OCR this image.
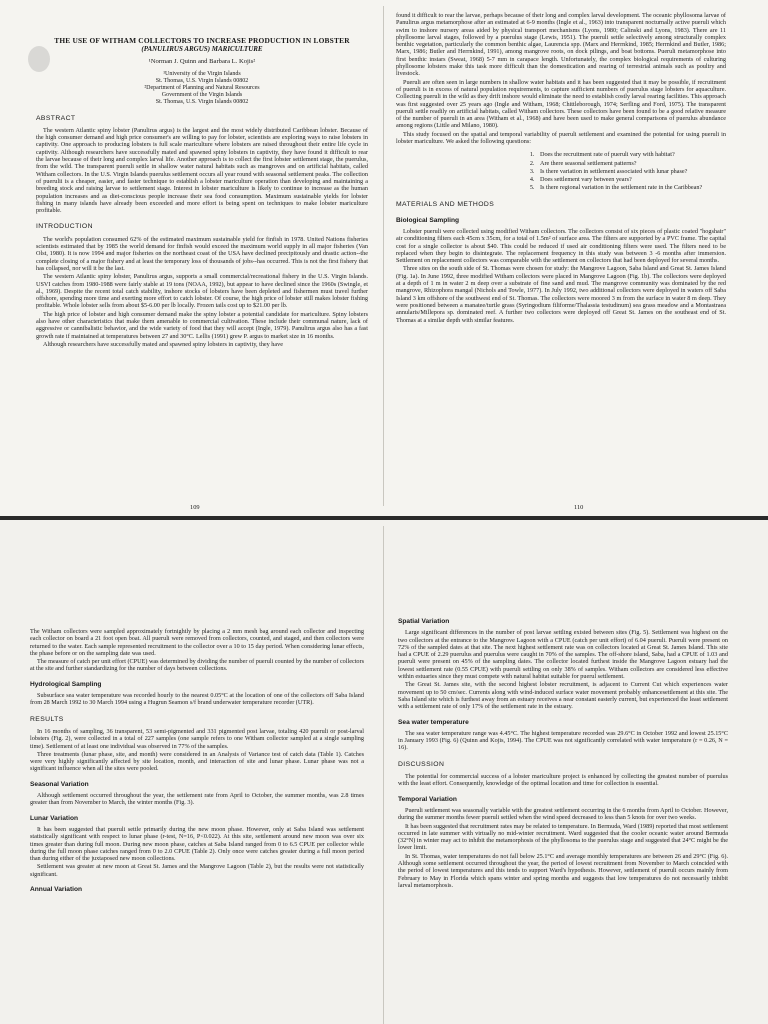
THE USE OF WITHAM COLLECTORS TO INCREASE PRODUCTION IN LOBSTER
(PANULIRUS ARGUS) MARICULTURE
¹Norman J. Quinn and Barbara L. Kojis²
¹University of the Virgin Islands
St. Thomas, U.S. Virgin Islands 00802
²Department of Planning and Natural Resources
Government of the Virgin Islands
St. Thomas, U.S. Virgin Islands 00802
ABSTRACT

The western Atlantic spiny lobster (Panulirus argus) is the largest and the most widely distributed Caribbean lobster. Because of the high consumer demand and high price consumer's are willing to pay for lobster, scientists are exploring ways to raise lobsters in captivity. One approach to producing lobsters is full scale mariculture where lobsters are raised throughout their entire life cycle in captivity. Although researchers have successfully mated and spawned spiny lobsters in captivity, they have found it difficult to rear the larvae because of their long and complex larval life. Another approach is to collect the first lobster settlement stage, the puerulus, from the wild. The transparent pueruli settle in shallow water natural habitats such as mangroves and on artificial habitats, called Witham collectors. In the U.S. Virgin Islands puerulus settlement occurs all year round with seasonal settlement peaks. The collection of puerulii is a cheaper, easier, and faster technique to establish a lobster mariculture operation than developing and maintaining a breeding stock and raising larvae to settlement stage. Interest in lobster mariculture is likely to continue to increase as the human population increases and as diet-conscious people increase their sea food consumption. Maximum sustainable yields for lobster fishing in many islands have already been exceeded and more effort is being spent on techniques to make lobster mariculture profitable.

INTRODUCTION

The world's population consumed 62% of the estimated maximum sustainable yield for finfish in 1978. United Nations fisheries scientists estimated that by 1985 the world demand for finfish would exceed the maximum world supply in all major fisheries (Van Olst, 1980). It is now 1994 and major fisheries on the northeast coast of the USA have declined precipitously and drastic action--the complete closing of a major fishery and at least the temporary loss of thousands of jobs--has occurred. This is not the first fishery that has collapsed, nor will it be the last.

The western Atlantic spiny lobster, Panulirus argus, supports a small commercial/recreational fishery in the U.S. Virgin Islands. USVI catches from 1980-1988 were fairly stable at 19 tons (NOAA, 1992), but appear to have declined since the 1960s (Swingle, et al., 1969). Despite the recent total catch stability, inshore stocks of lobsters have been depleted and fishermen must travel further offshore, spending more time and exerting more effort to catch lobster. Of course, the high price of lobster still makes lobster fishing profitable. Whole lobster sells from about $5-6.00 per lb locally. Frozen tails cost up to $21.00 per lb.

The high price of lobster and high consumer demand make the spiny lobster a potential candidate for mariculture. Spiny lobsters also have other characteristics that make them amenable to commercial cultivation. These include their communal nature, lack of aggressive or cannibalistic behavior, and the wide variety of food that they will accept (Ingle, 1979). Panulirus argus also has a fast growth rate if maintained at temperatures between 27 and 30°C. Lellis (1991) grew P. argus to market size in 16 months.

Although researchers have successfully mated and spawned spiny lobsters in captivity, they have

109

found it difficult to rear the larvae, perhaps because of their long and complex larval development. The oceanic phyllosoma larvae of Panulirus argus metamorphose after an estimated at 6-9 months (Ingle et al., 1963) into transparent nocturnally active pueruli which swim to inshore nursery areas aided by physical transport mechanisms (Lyons, 1980; Calinski and Lyons, 1983). There are 11 phyllosome larval stages, followed by a puerulus stage (Lewis, 1951). The pueruli settle selectively among structurally complex benthic vegetation, particularly the common benthic algae, Laurencia spp. (Marx and Herrnkind, 1985; Herrnkind and Butler, 1986; Marx, 1986; Butler and Herrnkind, 1991), among mangrove roots, on dock pilings, and boat bottoms. Pueruli metamorphose into first benthic instars (Sweat, 1968) 5-7 mm in carapace length. Unfortunately, the complex biological requirements of culturing phyllosome lobsters make this task more difficult than the domestication and rearing of terrestrial animals such as poultry and livestock.

Pueruli are often seen in large numbers in shallow water habitats and it has been suggested that it may be possible, if recruitment of pueruli is in excess of natural population requirements, to capture sufficient numbers of puerulus stage lobsters for aquaculture. Collecting pueruli in the wild as they drift inshore would eliminate the need to establish costly larval rearing facilities. This approach was first suggested over 25 years ago (Ingle and Witham, 1968; Chittleborough, 1974; Serfling and Ford, 1975). The transparent pueruli settle readily on artificial habitats, called Witham collectors. These collectors have been found to be a good relative measure of the number of pueruli in an area (Witham et al., 1968) and have been used to make general comparisons of puerulus abundance among regions (Little and Milano, 1980).

This study focused on the spatial and temporal variability of pueruli settlement and examined the potential for using pueruli in lobster mariculture. We asked the following questions:

1. Does the recruitment rate of pueruli vary with habitat?
2. Are there seasonal settlement patterns?
3. Is there variation in settlement associated with lunar phase?
4. Does settlement vary between years?
5. Is there regional variation in the settlement rate in the Caribbean?
MATERIALS AND METHODS
Biological Sampling

Lobster pueruli were collected using modified Witham collectors. The collectors consist of six pieces of plastic coated "hogshair" air conditioning filters each 45cm x 35cm, for a total of 1.5m² of surface area. The filters are supported by a PVC frame. The capital cost for a single collector is about $40. This could be reduced if used air conditioning filters were used. The filters need to be replaced when they begin to disintegrate. The replacement frequency in this study was between 3 -6 months after immersion. Settlement on replacement collectors was comparable with the settlement on collectors that had been deployed for several months.

Three sites on the south side of St. Thomas were chosen for study: the Mangrove Lagoon, Saba Island and Great St. James Island (Fig. 1a). In June 1992, three modified Witham collectors were placed in Mangrove Lagoon (Fig. 1b). The collectors were deployed at a depth of 1 m in water 2 m deep over a substrate of fine sand and mud. The mangrove community was dominated by the red mangrove, Rhizophora mangal (Nichols and Towle, 1977). In July 1992, two additional collectors were deployed in waters off Saba Island 3 km offshore of the southwest end of St. Thomas. The collectors were moored 3 m from the surface in water 8 m deep. They were positioned between a manatee/turtle grass (Syringodium filiforme/Thalassia testudinum) sea grass meadow and a Montastraea annularis/Millepora sp. dominated reef. A further two collectors were deployed off Great St. James on the southeast end of St. Thomas at a similar depth with similar features.

110

The Witham collectors were sampled approximately fortnightly by placing a 2 mm mesh bag around each collector and inspecting each collector on board a 21 foot open boat. All pueruli were removed from collectors, counted, and staged, and then collectors were returned to the water. Each sample represented recruitment to the collector over a 10 to 15 day period. When considering lunar effects, the phase before or on the sampling date was used.

The measure of catch per unit effort (CPUE) was determined by dividing the number of pueruli counted by the number of collectors at the site and further standardizing for the number of days between collections.

Hydrological Sampling

Subsurface sea water temperature was recorded hourly to the nearest 0.05°C at the location of one of the collectors off Saba Island from 28 March 1992 to 30 March 1994 using a Hugrun Seamon s/f brand underwater temperature recorder (UTR).

RESULTS

In 16 months of sampling, 36 transparent, 53 semi-pigmented and 331 pigmented post larvae, totaling 420 pueruli or post-larval lobsters (Fig. 2), were collected in a total of 227 samples (one sample refers to one Witham collector sampled at a single sampling time). Settlement of at least one individual was observed in 77% of the samples.

Three treatments (lunar phase, site, and month) were considered in an Analysis of Variance test of catch data (Table 1). Catches were very highly significantly affected by site location, month, and interaction of site and lunar phase. Lunar phase was not a significant influence when all the sites were pooled.

Seasonal Variation

Although settlement occurred throughout the year, the settlement rate from April to October, the summer months, was 2.8 times greater than from November to March, the winter months (Fig. 3).

Lunar Variation

It has been suggested that pueruli settle primarily during the new moon phase. However, only at Saba Island was settlement statistically significant with respect to lunar phase (r-test, N=16, P<0.022). At this site, settlement around new moon was over six times greater than during full moon. During new moon phase, catches at Saba Island ranged from 0 to 6.5 CPUE per collector while during the full moon phase catches ranged from 0 to 2.0 CPUE (Table 2). Only once were catches greater during a full moon period than during either of the juxtaposed new moon collections.

Settlement was greater at new moon at Great St. James and the Mangrove Lagoon (Table 2), but the results were not statistically significant.

Annual Variation
Spatial Variation

Large significant differences in the number of post larvae settling existed between sites (Fig. 5). Settlement was highest on the two collectors at the entrance to the Mangrove Lagoon with a CPUE (catch per unit effort) of 6.04 pueruli. Pueruli were present on 72% of the sampled dates at that site. The next highest settlement rate was on collectors located at Great St. James Island. This site had a CPUE of 2.29 puerulus and puerulus were caught in 70% of the samples. The off-shore island, Saba, had a CPUE of 1.03 and pueruli were present on 45% of the sampling dates. The collector located furthest inside the Mangrove Lagoon estuary had the lowest settlement rate (0.55 CPUE) with pueruli settling on only 38% of samples. Witham collectors are considered less effective within estuaries since they must compete with natural habitat suitable for puerul settlement.

The Great St. James site, with the second highest lobster recruitment, is adjacent to Current Cut which experiences water movement up to 50 cm/sec. Currents along with wind-induced surface water movement probably enhancesettlement at this site. The Saba Island site which is furthest away from an estuary receives a near constant easterly current, but experienced the least settlement with a settlement rate of only 17% of the settlement rate in the estuary.

Sea water temperature

The sea water temperature range was 4.45°C. The highest temperature recorded was 29.6°C in October 1992 and lowest 25.15°C in January 1993 (Fig. 6) (Quinn and Kojis, 1994). The CPUE was not significantly correlated with water temperature (r = 0.26, N = 16).

DISCUSSION

The potential for commercial success of a lobster mariculture project is enhanced by collecting the greatest number of puerulus with the least effort. Consequently, knowledge of the optimal location and time for collection is essential.

Temporal Variation

Pueruli settlement was seasonally variable with the greatest settlement occurring in the 6 months from April to October. However, during the summer months fewer pueruli settled when the wind speed decreased to less than 5 knots for over two weeks.

It has been suggested that recruitment rates may be related to temperature. In Bermuda, Ward (1989) reported that most settlement occurred in late summer with virtually no mid-winter recruitment. Ward suggested that the cooler oceanic water around Bermuda (32°N) in winter may act to inhibit the metamorphosis of the phyllosoma to the puerulus stage and suggested that 24°C might be the lower limit.

In St. Thomas, water temperatures do not fall below 25.1°C and average monthly temperatures are between 26 and 29°C (Fig. 6). Although some settlement occurred throughout the year, the period of lowest recruitment from November to March coincided with the period of lowest temperatures and this tends to support Ward's hypothesis. However, settlement of pueruli occurs mainly from February to May in Florida which spans winter and spring months and suggests that low temperatures do not necessarily inhibit larval metamorphosis.
